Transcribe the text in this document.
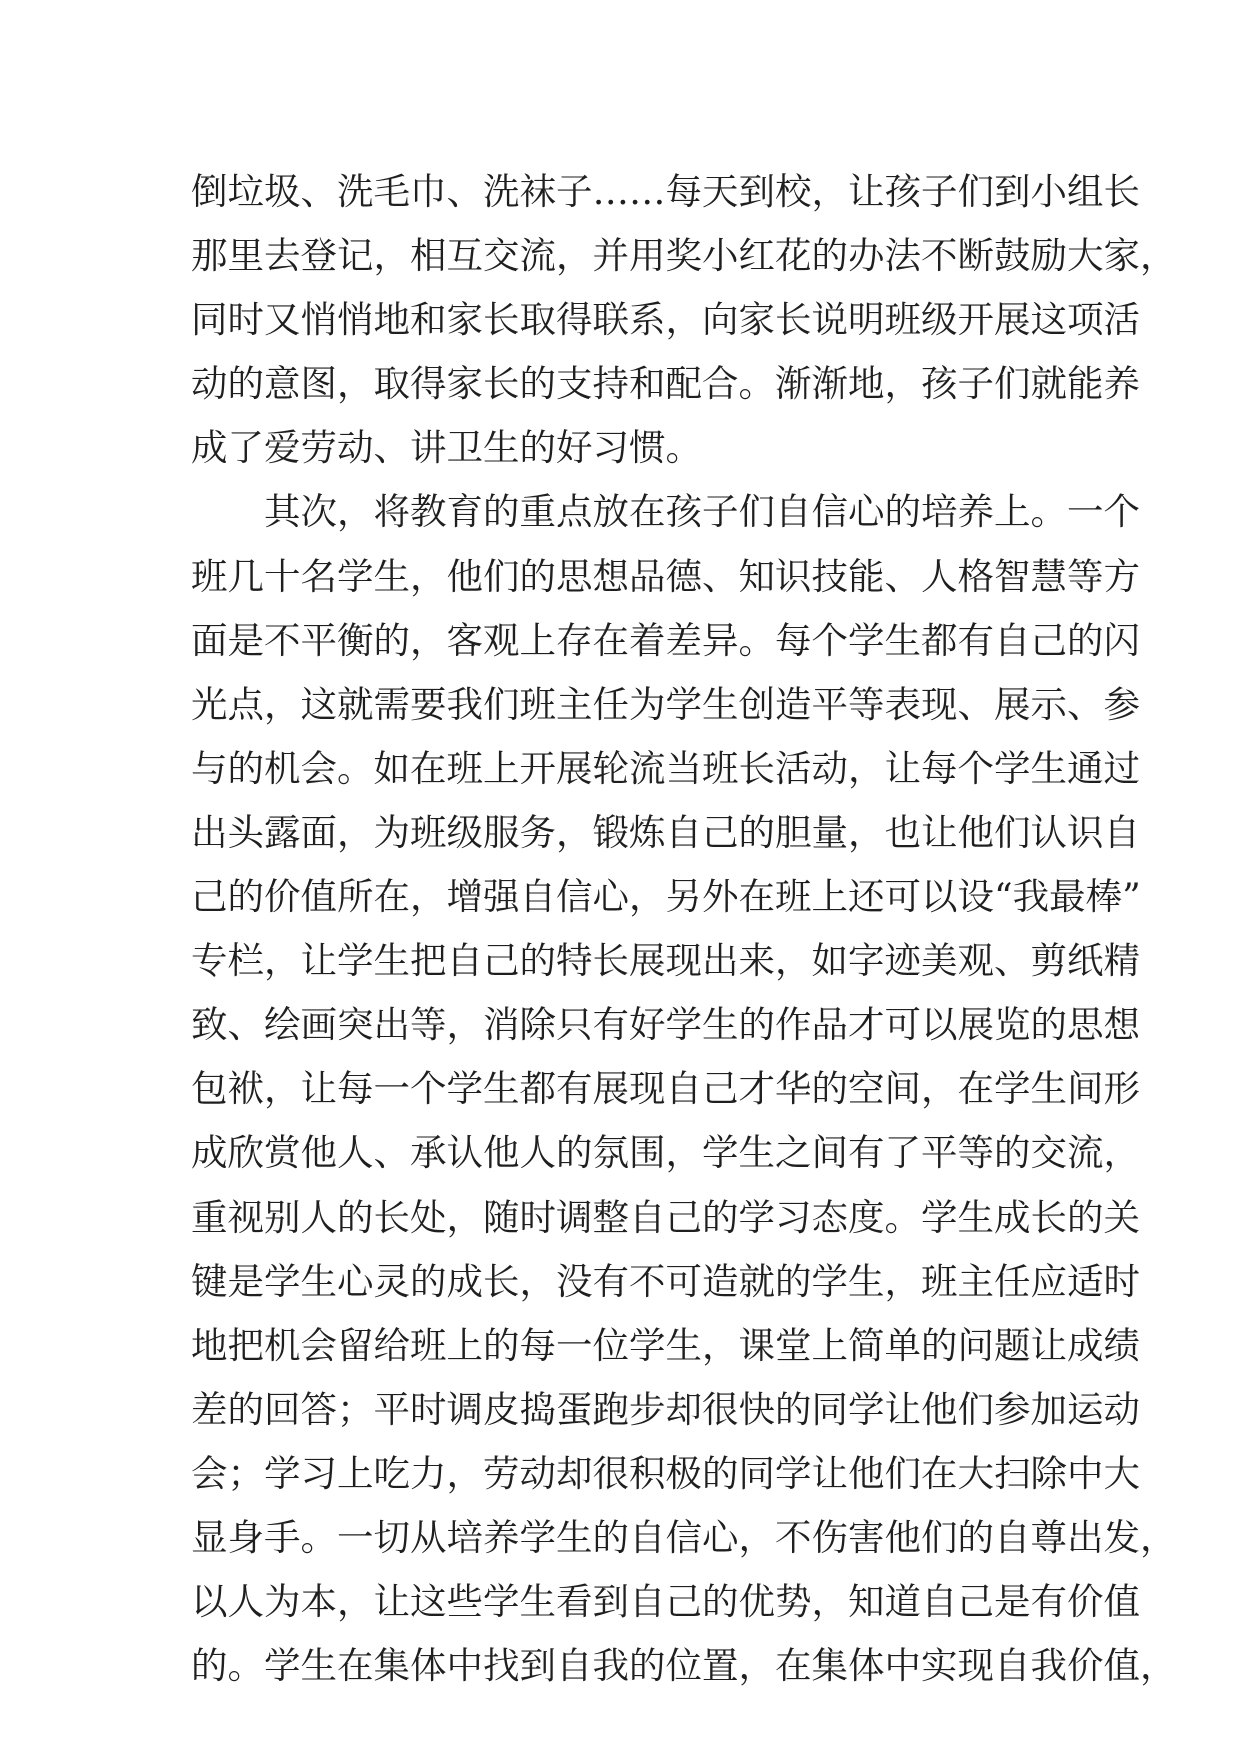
倒垃圾、洗毛巾、洗袜子……每天到校，让孩子们到小组长
那里去登记，相互交流，并用奖小红花的办法不断鼓励大家，
同时又悄悄地和家长取得联系，向家长说明班级开展这项活
动的意图，取得家长的支持和配合。渐渐地，孩子们就能养
成了爱劳动、讲卫生的好习惯。
　　其次，将教育的重点放在孩子们自信心的培养上。一个
班几十名学生，他们的思想品德、知识技能、人格智慧等方
面是不平衡的，客观上存在着差异。每个学生都有自己的闪
光点，这就需要我们班主任为学生创造平等表现、展示、参
与的机会。如在班上开展轮流当班长活动，让每个学生通过
出头露面，为班级服务，锻炼自己的胆量，也让他们认识自
己的价值所在，增强自信心，另外在班上还可以设“我最棒”
专栏，让学生把自己的特长展现出来，如字迹美观、剪纸精
致、绘画突出等，消除只有好学生的作品才可以展览的思想
包袱，让每一个学生都有展现自己才华的空间，在学生间形
成欣赏他人、承认他人的氛围，学生之间有了平等的交流，
重视别人的长处，随时调整自己的学习态度。学生成长的关
键是学生心灵的成长，没有不可造就的学生，班主任应适时
地把机会留给班上的每一位学生，课堂上简单的问题让成绩
差的回答；平时调皮捣蛋跑步却很快的同学让他们参加运动
会；学习上吃力，劳动却很积极的同学让他们在大扫除中大
显身手。一切从培养学生的自信心，不伤害他们的自尊出发，
以人为本，让这些学生看到自己的优势，知道自己是有价值
的。学生在集体中找到自我的位置，在集体中实现自我价值，
